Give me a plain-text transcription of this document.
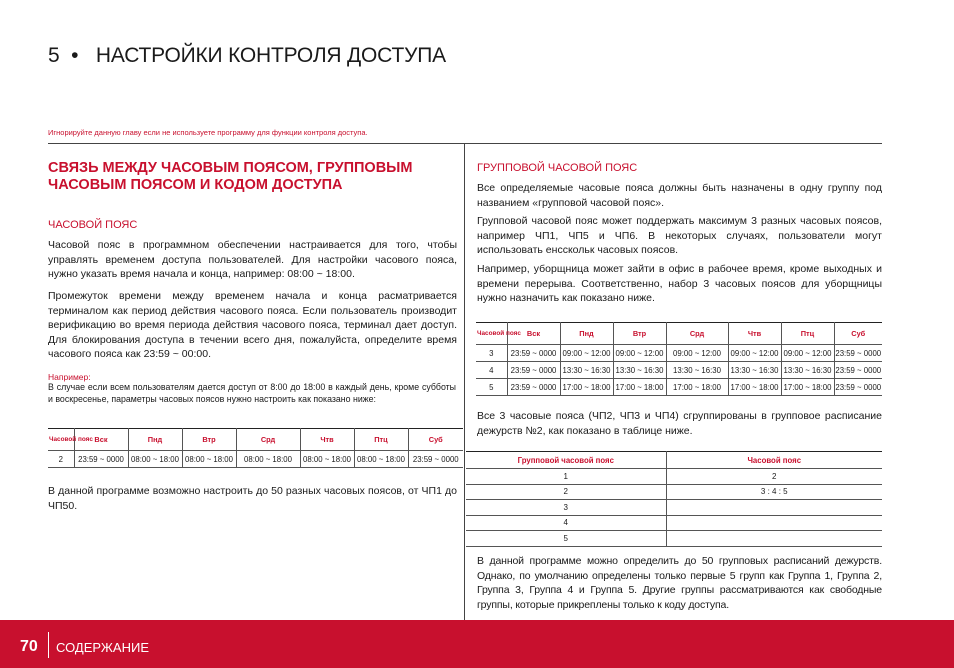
5 • НАСТРОЙКИ КОНТРОЛЯ ДОСТУПА
Игнорируйте данную главу если не используете программу для функции контроля доступа.
СВЯЗЬ МЕЖДУ ЧАСОВЫМ ПОЯСОМ, ГРУППОВЫМ ЧАСОВЫМ ПОЯСОМ И КОДОМ ДОСТУПА
ЧАСОВОЙ ПОЯС
Часовой пояс в программном обеспечении настраивается для того, чтобы управлять временем доступа пользователей. Для настройки часового пояса, нужно указать время начала и конца, например: 08:00 ~ 18:00.
Промежуток времени между временем начала и конца расматривается терминалом как период действия часового пояса. Если пользователь производит верификацию во время периода действия часового пояса, терминал дает доступ. Для блокирования доступа в течении всего дня, пожалуйста, определите время часового пояса как 23:59 ~ 00:00.
Например:
В случае если всем пользователям дается доступ от 8:00 до 18:00 в каждый день, кроме субботы и воскресенье, параметры часовых поясов нужно настроить как показано ниже:
Часовой пояс	Вск	Пнд	Втр	Срд	Чтв	Птц	Суб
2	23:59 ~ 0000	08:00 ~ 18:00	08:00 ~ 18:00	08:00 ~ 18:00	08:00 ~ 18:00	08:00 ~ 18:00	23:59 ~ 0000
В данной программе возможно настроить до 50 разных часовых поясов, от ЧП1 до ЧП50.
ГРУППОВОЙ ЧАСОВОЙ ПОЯС
Все определяемые часовые пояса должны быть назначены в одну группу под названием «групповой часовой пояс».
Групповой часовой пояс может поддержать максимум 3 разных часовых поясов, например ЧП1, ЧП5 и ЧП6. В некоторых случаях, пользователи могут использовать енсскольк часовых поясов.
Например, уборщница может зайти в офис в рабочее время, кроме выходных и времени перерыва. Соответственно, набор 3 часовых поясов для уборщницы нужно назначить как показано ниже.
Часовой пояс	Вск	Пнд	Втр	Срд	Чтв	Птц	Суб
3	23:59 ~ 0000	09:00 ~ 12:00	09:00 ~ 12:00	09:00 ~ 12:00	09:00 ~ 12:00	09:00 ~ 12:00	23:59 ~ 0000
4	23:59 ~ 0000	13:30 ~ 16:30	13:30 ~ 16:30	13:30 ~ 16:30	13:30 ~ 16:30	13:30 ~ 16:30	23:59 ~ 0000
5	23:59 ~ 0000	17:00 ~ 18:00	17:00 ~ 18:00	17:00 ~ 18:00	17:00 ~ 18:00	17:00 ~ 18:00	23:59 ~ 0000
Все 3 часовые пояса (ЧП2, ЧП3 и ЧП4) сгруппированы в групповое расписание дежурств №2, как показано в таблице ниже.
Групповой часовой пояс	Часовой пояс
1	2
2	3 : 4 : 5
3	
4	
5	
В данной программе можно определить до 50 групповых расписаний дежурств. Однако, по умолчанию определены только первые 5 групп как Группа 1, Группа 2, Группа 3, Группа 4 и Группа 5. Другие группы рассматриваются как свободные группы, которые прикреплены только к коду доступа.
70 СОДЕРЖАНИЕ
